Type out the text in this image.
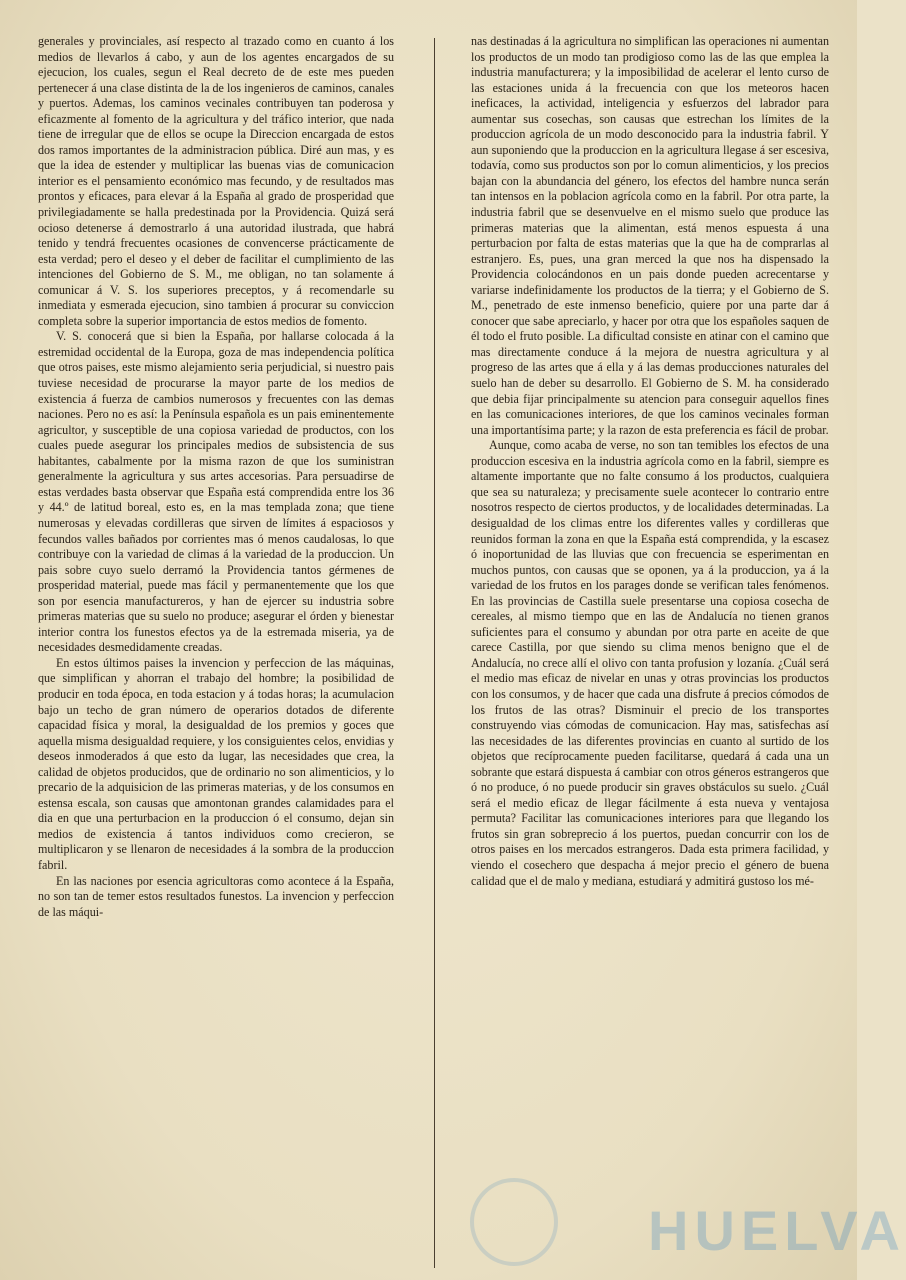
generales y provinciales, así respecto al trazado como en cuanto á los medios de llevarlos á cabo, y aun de los agentes encargados de su ejecucion, los cuales, segun el Real decreto de de este mes pueden pertenecer á una clase distinta de la de los ingenieros de caminos, canales y puertos. Ademas, los caminos vecinales contribuyen tan poderosa y eficazmente al fomento de la agricultura y del tráfico interior, que nada tiene de irregular que de ellos se ocupe la Direccion encargada de estos dos ramos importantes de la administracion pública. Diré aun mas, y es que la idea de estender y multiplicar las buenas vias de comunicacion interior es el pensamiento económico mas fecundo, y de resultados mas prontos y eficaces, para elevar á la España al grado de prosperidad que privilegiadamente se halla predestinada por la Providencia. Quizá será ocioso detenerse á demostrarlo á una autoridad ilustrada, que habrá tenido y tendrá frecuentes ocasiones de convencerse prácticamente de esta verdad; pero el deseo y el deber de facilitar el cumplimiento de las intenciones del Gobierno de S. M., me obligan, no tan solamente á comunicar á V. S. los superiores preceptos, y á recomendarle su inmediata y esmerada ejecucion, sino tambien á procurar su conviccion completa sobre la superior importancia de estos medios de fomento.

V. S. conocerá que si bien la España, por hallarse colocada á la estremidad occidental de la Europa, goza de mas independencia política que otros paises, este mismo alejamiento seria perjudicial, si nuestro pais tuviese necesidad de procurarse la mayor parte de los medios de existencia á fuerza de cambios numerosos y frecuentes con las demas naciones. Pero no es así: la Península española es un pais eminentemente agricultor, y susceptible de una copiosa variedad de productos, con los cuales puede asegurar los principales medios de subsistencia de sus habitantes, cabalmente por la misma razon de que los suministran generalmente la agricultura y sus artes accesorias. Para persuadirse de estas verdades basta observar que España está comprendida entre los 36 y 44.º de latitud boreal, esto es, en la mas templada zona; que tiene numerosas y elevadas cordilleras que sirven de límites á espaciosos y fecundos valles bañados por corrientes mas ó menos caudalosas, lo que contribuye con la variedad de climas á la variedad de la produccion. Un pais sobre cuyo suelo derramó la Providencia tantos gérmenes de prosperidad material, puede mas fácil y permanentemente que los que son por esencia manufactureros, y han de ejercer su industria sobre primeras materias que su suelo no produce; asegurar el órden y bienestar interior contra los funestos efectos ya de la estremada miseria, ya de necesidades desmedidamente creadas.

En estos últimos paises la invencion y perfeccion de las máquinas, que simplifican y ahorran el trabajo del hombre; la posibilidad de producir en toda época, en toda estacion y á todas horas; la acumulacion bajo un techo de gran número de operarios dotados de diferente capacidad física y moral, la desigualdad de los premios y goces que aquella misma desigualdad requiere, y los consiguientes celos, envidias y deseos inmoderados á que esto da lugar, las necesidades que crea, la calidad de objetos producidos, que de ordinario no son alimenticios, y lo precario de la adquisicion de las primeras materias, y de los consumos en estensa escala, son causas que amontonan grandes calamidades para el dia en que una perturbacion en la produccion ó el consumo, dejan sin medios de existencia á tantos individuos como crecieron, se multiplicaron y se llenaron de necesidades á la sombra de la produccion fabril.

En las naciones por esencia agricultoras como acontece á la España, no son tan de temer estos resultados funestos. La invencion y perfeccion de las máqui-

nas destinadas á la agricultura no simplifican las operaciones ni aumentan los productos de un modo tan prodigioso como las de las que emplea la industria manufacturera; y la imposibilidad de acelerar el lento curso de las estaciones unida á la frecuencia con que los meteoros hacen ineficaces, la actividad, inteligencia y esfuerzos del labrador para aumentar sus cosechas, son causas que estrechan los límites de la produccion agrícola de un modo desconocido para la industria fabril. Y aun suponiendo que la produccion en la agricultura llegase á ser escesiva, todavía, como sus productos son por lo comun alimenticios, y los precios bajan con la abundancia del género, los efectos del hambre nunca serán tan intensos en la poblacion agrícola como en la fabril. Por otra parte, la industria fabril que se desenvuelve en el mismo suelo que produce las primeras materias que la alimentan, está menos espuesta á una perturbacion por falta de estas materias que la que ha de comprarlas al estranjero. Es, pues, una gran merced la que nos ha dispensado la Providencia colocándonos en un pais donde pueden acrecentarse y variarse indefinidamente los productos de la tierra; y el Gobierno de S. M., penetrado de este inmenso beneficio, quiere por una parte dar á conocer que sabe apreciarlo, y hacer por otra que los españoles saquen de él todo el fruto posible. La dificultad consiste en atinar con el camino que mas directamente conduce á la mejora de nuestra agricultura y al progreso de las artes que á ella y á las demas producciones naturales del suelo han de deber su desarrollo. El Gobierno de S. M. ha considerado que debia fijar principalmente su atencion para conseguir aquellos fines en las comunicaciones interiores, de que los caminos vecinales forman una importantísima parte; y la razon de esta preferencia es fácil de probar.

Aunque, como acaba de verse, no son tan temibles los efectos de una produccion escesiva en la industria agrícola como en la fabril, siempre es altamente importante que no falte consumo á los productos, cualquiera que sea su naturaleza; y precisamente suele acontecer lo contrario entre nosotros respecto de ciertos productos, y de localidades determinadas. La desigualdad de los climas entre los diferentes valles y cordilleras que reunidos forman la zona en que la España está comprendida, y la escasez ó inoportunidad de las lluvias que con frecuencia se esperimentan en muchos puntos, con causas que se oponen, ya á la produccion, ya á la variedad de los frutos en los parages donde se verifican tales fenómenos. En las provincias de Castilla suele presentarse una copiosa cosecha de cereales, al mismo tiempo que en las de Andalucía no tienen granos suficientes para el consumo y abundan por otra parte en aceite de que carece Castilla, por que siendo su clima menos benigno que el de Andalucía, no crece allí el olivo con tanta profusion y lozanía. ¿Cuál será el medio mas eficaz de nivelar en unas y otras provincias los productos con los consumos, y de hacer que cada una disfrute á precios cómodos de los frutos de las otras? Disminuir el precio de los transportes construyendo vias cómodas de comunicacion. Hay mas, satisfechas así las necesidades de las diferentes provincias en cuanto al surtido de los objetos que recíprocamente pueden facilitarse, quedará á cada una un sobrante que estará dispuesta á cambiar con otros géneros estrangeros que ó no produce, ó no puede producir sin graves obstáculos su suelo. ¿Cuál será el medio eficaz de llegar fácilmente á esta nueva y ventajosa permuta? Facilitar las comunicaciones interiores para que llegando los frutos sin gran sobreprecio á los puertos, puedan concurrir con los de otros paises en los mercados estrangeros. Dada esta primera facilidad, y viendo el cosechero que despacha á mejor precio el género de buena calidad que el de malo y mediana, estudiará y admitirá gustoso los mé-

HUELVA
